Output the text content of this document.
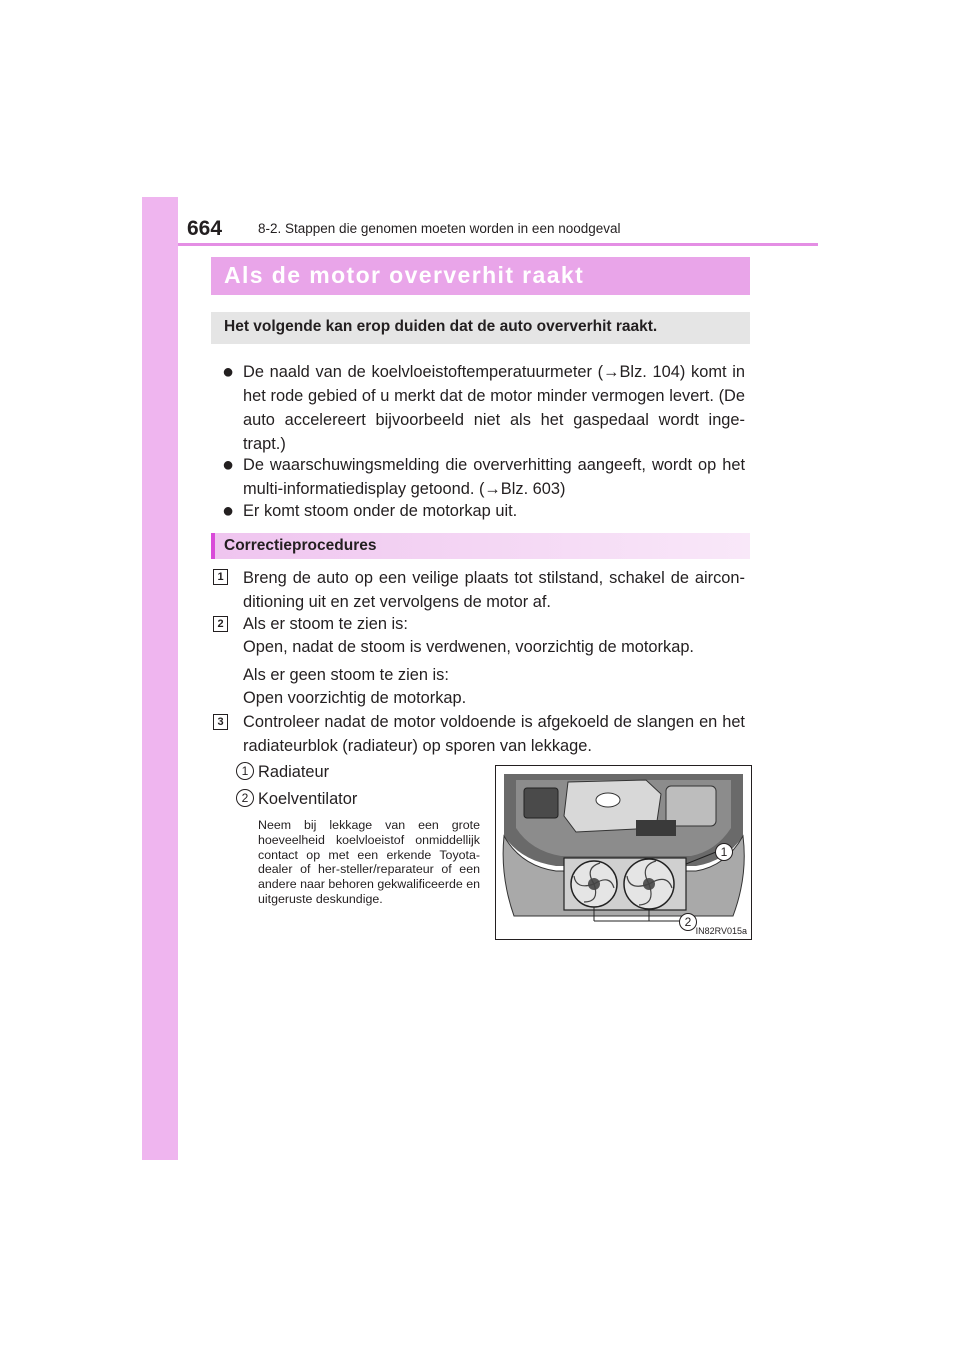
664	8-2. Stappen die genomen moeten worden in een noodgeval
Als de motor oververhit raakt
Het volgende kan erop duiden dat de auto oververhit raakt.
● De naald van de koelvloeistoftemperatuurmeter (→Blz. 104) komt in het rode gebied of u merkt dat de motor minder vermogen levert. (De auto accelereert bijvoorbeeld niet als het gaspedaal wordt inge-trapt.)
● De waarschuwingsmelding die oververhitting aangeeft, wordt op het multi-informatiedisplay getoond. (→Blz. 603)
● Er komt stoom onder de motorkap uit.
Correctieprocedures
1 Breng de auto op een veilige plaats tot stilstand, schakel de aircon-ditioning uit en zet vervolgens de motor af.
2 Als er stoom te zien is:
Open, nadat de stoom is verdwenen, voorzichtig de motorkap.
Als er geen stoom te zien is:
Open voorzichtig de motorkap.
3 Controleer nadat de motor voldoende is afgekoeld de slangen en het radiateurblok (radiateur) op sporen van lekkage.
1 Radiateur
2 Koelventilator
Neem bij lekkage van een grote hoeveelheid koelvloeistof onmiddellijk contact op met een erkende Toyota-dealer of her-steller/reparateur of een andere naar behoren gekwalificeerde en uitgeruste deskundige.
1
2
IN82RV015a
